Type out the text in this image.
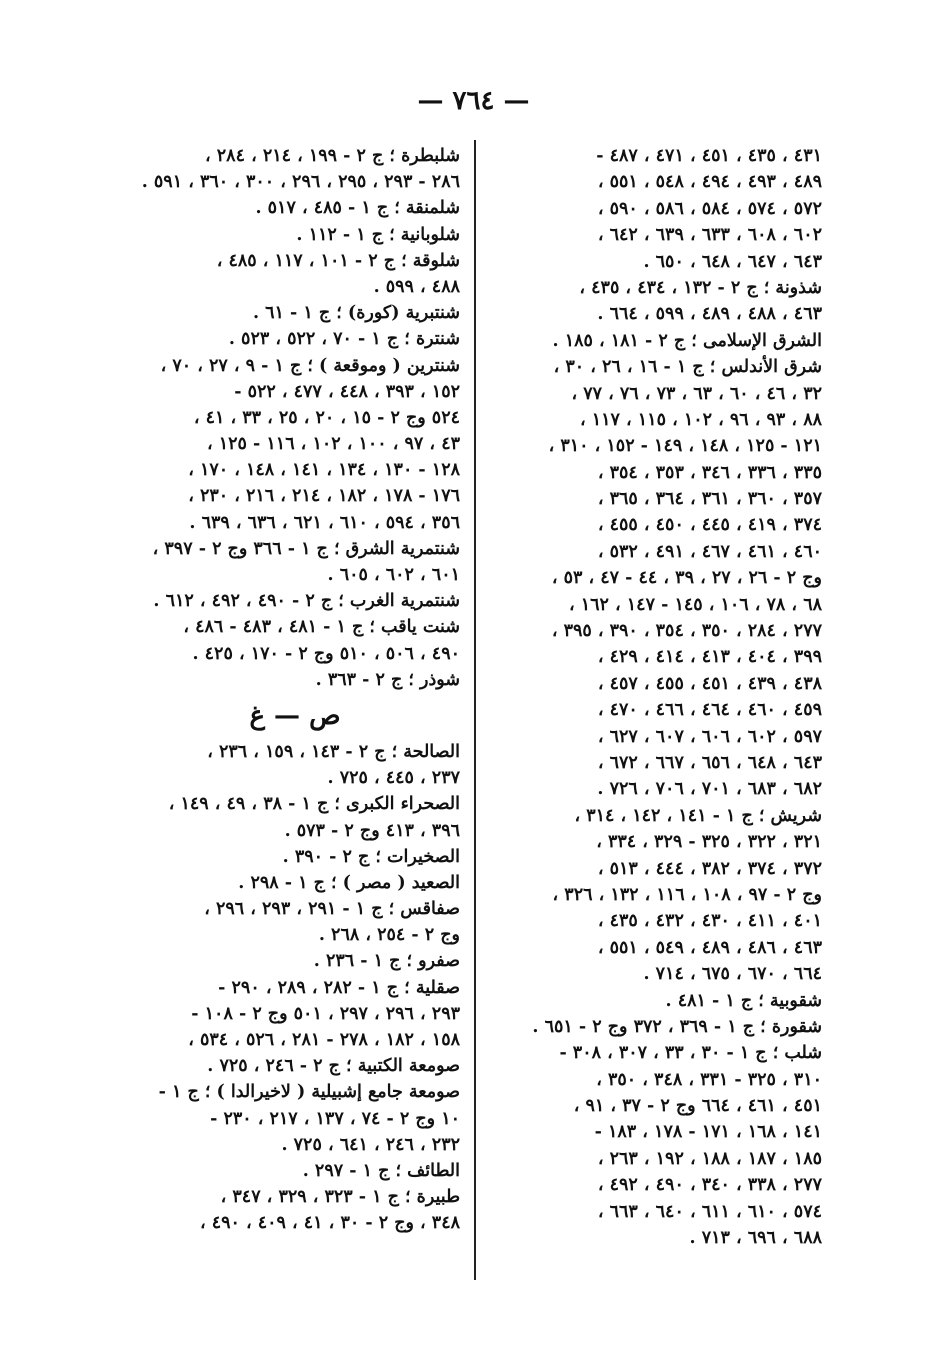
— ٧٦٤ —
٤٣١ ، ٤٣٥ ، ٤٥١ ، ٤٧١ ، ٤٨٧ -
٤٨٩ ، ٤٩٣ ، ٤٩٤ ، ٥٤٨ ، ٥٥١ ،
٥٧٢ ، ٥٧٤ ، ٥٨٤ ، ٥٨٦ ، ٥٩٠ ،
٦٠٢ ، ٦٠٨ ، ٦٣٣ ، ٦٣٩ ، ٦٤٢ ،
٦٤٣ ، ٦٤٧ ، ٦٤٨ ، ٦٥٠ .
شذونة ؛ ج ٢ - ١٣٢ ، ٤٣٤ ، ٤٣٥ ،
٤٦٣ ، ٤٨٨ ، ٤٨٩ ، ٥٩٩ ، ٦٦٤ .
الشرق الإسلامى ؛ ج ٢ - ١٨١ ، ١٨٥ .
شرق الأندلس ؛ ج ١ - ١٦ ، ٢٦ ، ٣٠ ،
٣٢ ، ٤٦ ، ٦٠ ، ٦٣ ، ٧٣ ، ٧٦ ، ٧٧ ،
٨٨ ، ٩٣ ، ٩٦ ، ١٠٢ ، ١١٥ ، ١١٧ ،
١٢١ - ١٢٥ ، ١٤٨ ، ١٤٩ - ١٥٢ ، ٣١٠ ،
٣٣٥ ، ٣٣٦ ، ٣٤٦ ، ٣٥٣ ، ٣٥٤ ،
٣٥٧ ، ٣٦٠ ، ٣٦١ ، ٣٦٤ ، ٣٦٥ ،
٣٧٤ ، ٤١٩ ، ٤٤٥ ، ٤٥٠ ، ٤٥٥ ،
٤٦٠ ، ٤٦١ ، ٤٦٧ ، ٤٩١ ، ٥٣٢ ،
وج ٢ - ٢٦ ، ٢٧ ، ٣٩ ، ٤٤ - ٤٧ ، ٥٣ ،
٦٨ ، ٧٨ ، ١٠٦ ، ١٤٥ - ١٤٧ ، ١٦٢ ،
٢٧٧ ، ٢٨٤ ، ٣٥٠ ، ٣٥٤ ، ٣٩٠ ، ٣٩٥ ،
٣٩٩ ، ٤٠٤ ، ٤١٣ ، ٤١٤ ، ٤٢٩ ،
٤٣٨ ، ٤٣٩ ، ٤٥١ ، ٤٥٥ ، ٤٥٧ ،
٤٥٩ ، ٤٦٠ ، ٤٦٤ ، ٤٦٦ ، ٤٧٠ ،
٥٩٧ ، ٦٠٢ ، ٦٠٦ ، ٦٠٧ ، ٦٢٧ ،
٦٤٣ ، ٦٤٨ ، ٦٥٦ ، ٦٦٧ ، ٦٧٢ ،
٦٨٢ ، ٦٨٣ ، ٧٠١ ، ٧٠٦ ، ٧٢٦ .
شريش ؛ ج ١ - ١٤١ ، ١٤٢ ، ٣١٤ ،
٣٢١ ، ٣٢٢ ، ٣٢٥ - ٣٢٩ ، ٣٣٤ ،
٣٧٢ ، ٣٧٤ ، ٣٨٢ ، ٤٤٤ ، ٥١٣ ،
وج ٢ - ٩٧ ، ١٠٨ ، ١١٦ ، ١٣٢ ، ٣٢٦ ،
٤٠١ ، ٤١١ ، ٤٣٠ ، ٤٣٢ ، ٤٣٥ ،
٤٦٣ ، ٤٨٦ ، ٤٨٩ ، ٥٤٩ ، ٥٥١ ،
٦٦٤ ، ٦٧٠ ، ٦٧٥ ، ٧١٤ .
شقوبية ؛ ج ١ - ٤٨١ .
شقورة ؛ ج ١ - ٣٦٩ ، ٣٧٢ وج ٢ - ٦٥١ .
شلب ؛ ج ١ - ٣٠ ، ٣٣ ، ٣٠٧ ، ٣٠٨ -
٣١٠ ، ٣٢٥ - ٣٣١ ، ٣٤٨ ، ٣٥٠ ،
٤٥١ ، ٤٦١ ، ٦٦٤ وج ٢ - ٣٧ ، ٩١ ،
١٤١ ، ١٦٨ ، ١٧١ - ١٧٨ ، ١٨٣ -
١٨٥ ، ١٨٧ ، ١٨٨ ، ١٩٢ ، ٢٦٣ ،
٢٧٧ ، ٣٣٨ ، ٣٤٠ ، ٤٩٠ ، ٤٩٢ ،
٥٧٤ ، ٦١٠ ، ٦١١ ، ٦٤٠ ، ٦٦٣ ،
٦٨٨ ، ٦٩٦ ، ٧١٣ .
شلبطرة ؛ ج ٢ - ١٩٩ ، ٢١٤ ، ٢٨٤ ،
٢٨٦ - ٢٩٣ ، ٢٩٥ ، ٢٩٦ ، ٣٠٠ ، ٣٦٠ ، ٥٩١ .
شلمنقة ؛ ج ١ - ٤٨٥ ، ٥١٧ .
شلوبانية ؛ ج ١ - ١١٢ .
شلوقة ؛ ج ٢ - ١٠١ ، ١١٧ ، ٤٨٥ ،
٤٨٨ ، ٥٩٩ .
شنتبرية (كورة) ؛ ج ١ - ٦١ .
شنترة ؛ ج ١ - ٧٠ ، ٥٢٢ ، ٥٢٣ .
شنترين ( وموقعة ) ؛ ج ١ - ٩ ، ٢٧ ، ٧٠ ،
١٥٢ ، ٣٩٣ ، ٤٤٨ ، ٤٧٧ ، ٥٢٢ -
٥٢٤ وج ٢ - ١٥ ، ٢٠ ، ٢٥ ، ٣٣ ، ٤١ ،
٤٣ ، ٩٧ ، ١٠٠ ، ١٠٢ ، ١١٦ - ١٢٥ ،
١٢٨ - ١٣٠ ، ١٣٤ ، ١٤١ ، ١٤٨ ، ١٧٠ ،
١٧٦ - ١٧٨ ، ١٨٢ ، ٢١٤ ، ٢١٦ ، ٢٣٠ ،
٣٥٦ ، ٥٩٤ ، ٦١٠ ، ٦٢١ ، ٦٣٦ ، ٦٣٩ .
شنتمرية الشرق ؛ ج ١ - ٣٦٦ وج ٢ - ٣٩٧ ،
٦٠١ ، ٦٠٢ ، ٦٠٥ .
شنتمرية الغرب ؛ ج ٢ - ٤٩٠ ، ٤٩٢ ، ٦١٢ .
شنت ياقب ؛ ج ١ - ٤٨١ ، ٤٨٣ - ٤٨٦ ،
٤٩٠ ، ٥٠٦ ، ٥١٠ وج ٢ - ١٧٠ ، ٤٢٥ .
شوذر ؛ ج ٢ - ٣٦٣ .
ص — غ
الصالحة ؛ ج ٢ - ١٤٣ ، ١٥٩ ، ٢٣٦ ،
٢٣٧ ، ٤٤٥ ، ٧٢٥ .
الصحراء الكبرى ؛ ج ١ - ٣٨ ، ٤٩ ، ١٤٩ ،
٣٩٦ ، ٤١٣ وج ٢ - ٥٧٣ .
الصخيرات ؛ ج ٢ - ٣٩٠ .
الصعيد ( مصر ) ؛ ج ١ - ٢٩٨ .
صفاقس ؛ ج ١ - ٢٩١ ، ٢٩٣ ، ٢٩٦ ،
وج ٢ - ٢٥٤ ، ٢٦٨ .
صفرو ؛ ج ١ - ٢٣٦ .
صقلية ؛ ج ١ - ٢٨٢ ، ٢٨٩ ، ٢٩٠ -
٢٩٣ ، ٢٩٦ ، ٢٩٧ ، ٥٠١ وج ٢ - ١٠٨ -
١٥٨ ، ١٨٢ ، ٢٧٨ - ٢٨١ ، ٥٢٦ ، ٥٣٤ ،
صومعة الكتبية ؛ ج ٢ - ٢٤٦ ، ٧٢٥ .
صومعة جامع إشبيلية ( لاخيرالدا ) ؛ ج ١ -
١٠ وج ٢ - ٧٤ ، ١٣٧ ، ٢١٧ ، ٢٣٠ -
٢٣٢ ، ٢٤٦ ، ٦٤١ ، ٧٢٥ .
الطائف ؛ ج ١ - ٢٩٧ .
طبيرة ؛ ج ١ - ٣٢٣ ، ٣٢٩ ، ٣٤٧ ،
٣٤٨ ، وج ٢ - ٣٠ ، ٤١ ، ٤٠٩ ، ٤٩٠ ،
